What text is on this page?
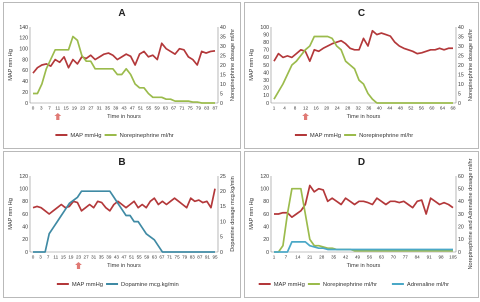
A
0
20
40
60
80
100
120
140
0
5
10
15
20
25
30
35
40
0 3 7 11 15 19 23 27 31 35 39 43 47 51 55 59 63 67 71 75 79 83 87
Time in hours
MAP mm Hg	Norepinephrine dosage ml/hr
MAP mmHg	Norepinephrine ml/hr
B
0
20
40
60
80
100
120
0
5
10
15
20
25
0 3 7 11 15 19 23 27 31 35 39 43 47 51 55 59 63 67 71 75 79 83 87 91 95
Time in hours
MAP mm Hg	Dopamine dosage mcg.kg/min
MAP mmHg	Dopamine mcg.kg/min
C
0
10
20
30
40
50
60
70
80
90
100
0
5
10
15
20
25
30
35
40
1 4 8 12 16 20 24 28 32 36 40 44 48 52 56 60 64 68
Time in hours
MAP mm Hg	Norepinephrine dosage ml/hr
MAP mmHg	Norepinephrine ml/hr
D
0
20
40
60
80
100
120
0
10
20
30
40
50
60
1 7 14 21 28 35 42 49 56 63 70 77 84 91 98 105
Time in hours
MAP mm Hg	Norepinephrine and Adrenaline dosage ml/hr
MAP mmHg	Norepinephrine ml/hr	Adrenaline ml/hr
